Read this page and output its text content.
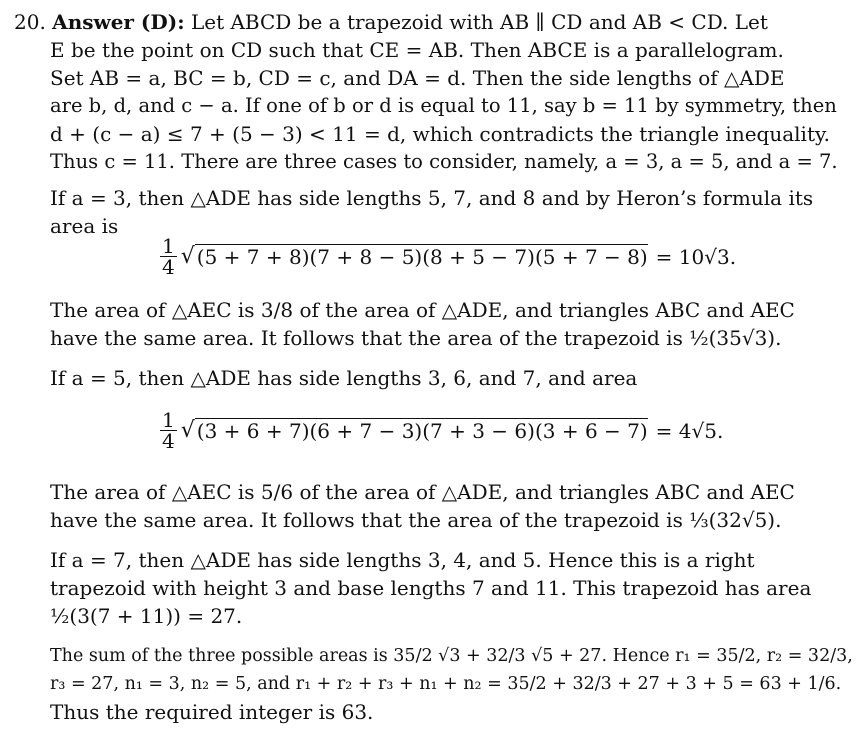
20. Answer (D): Let ABCD be a trapezoid with AB ∥ CD and AB < CD. Let
E be the point on CD such that CE = AB. Then ABCE is a parallelogram.
Set AB = a, BC = b, CD = c, and DA = d. Then the side lengths of △ADE
are b, d, and c − a. If one of b or d is equal to 11, say b = 11 by symmetry, then
d + (c − a) ≤ 7 + (5 − 3) < 11 = d, which contradicts the triangle inequality.
Thus c = 11. There are three cases to consider, namely, a = 3, a = 5, and a = 7.
If a = 3, then △ADE has side lengths 5, 7, and 8 and by Heron’s formula its
area is
$\frac{1}{4}$ √ (5 + 7 + 8)(7 + 8 − 5)(8 + 5 − 7)(5 + 7 − 8) = 10√3.
The area of △AEC is 3/8 of the area of △ADE, and triangles ABC and AEC
have the same area. It follows that the area of the trapezoid is ½(35√3).
If a = 5, then △ADE has side lengths 3, 6, and 7, and area
$\frac{1}{4}$ √ (3 + 6 + 7)(6 + 7 − 3)(7 + 3 − 6)(3 + 6 − 7) = 4√5.
The area of △AEC is 5/6 of the area of △ADE, and triangles ABC and AEC
have the same area. It follows that the area of the trapezoid is ⅓(32√5).
If a = 7, then △ADE has side lengths 3, 4, and 5. Hence this is a right
trapezoid with height 3 and base lengths 7 and 11. This trapezoid has area
½(3(7 + 11)) = 27.
The sum of the three possible areas is 35/2 √3 + 32/3 √5 + 27. Hence r₁ = 35/2, r₂ = 32/3,
r₃ = 27, n₁ = 3, n₂ = 5, and r₁ + r₂ + r₃ + n₁ + n₂ = 35/2 + 32/3 + 27 + 3 + 5 = 63 + 1/6.
Thus the required integer is 63.
